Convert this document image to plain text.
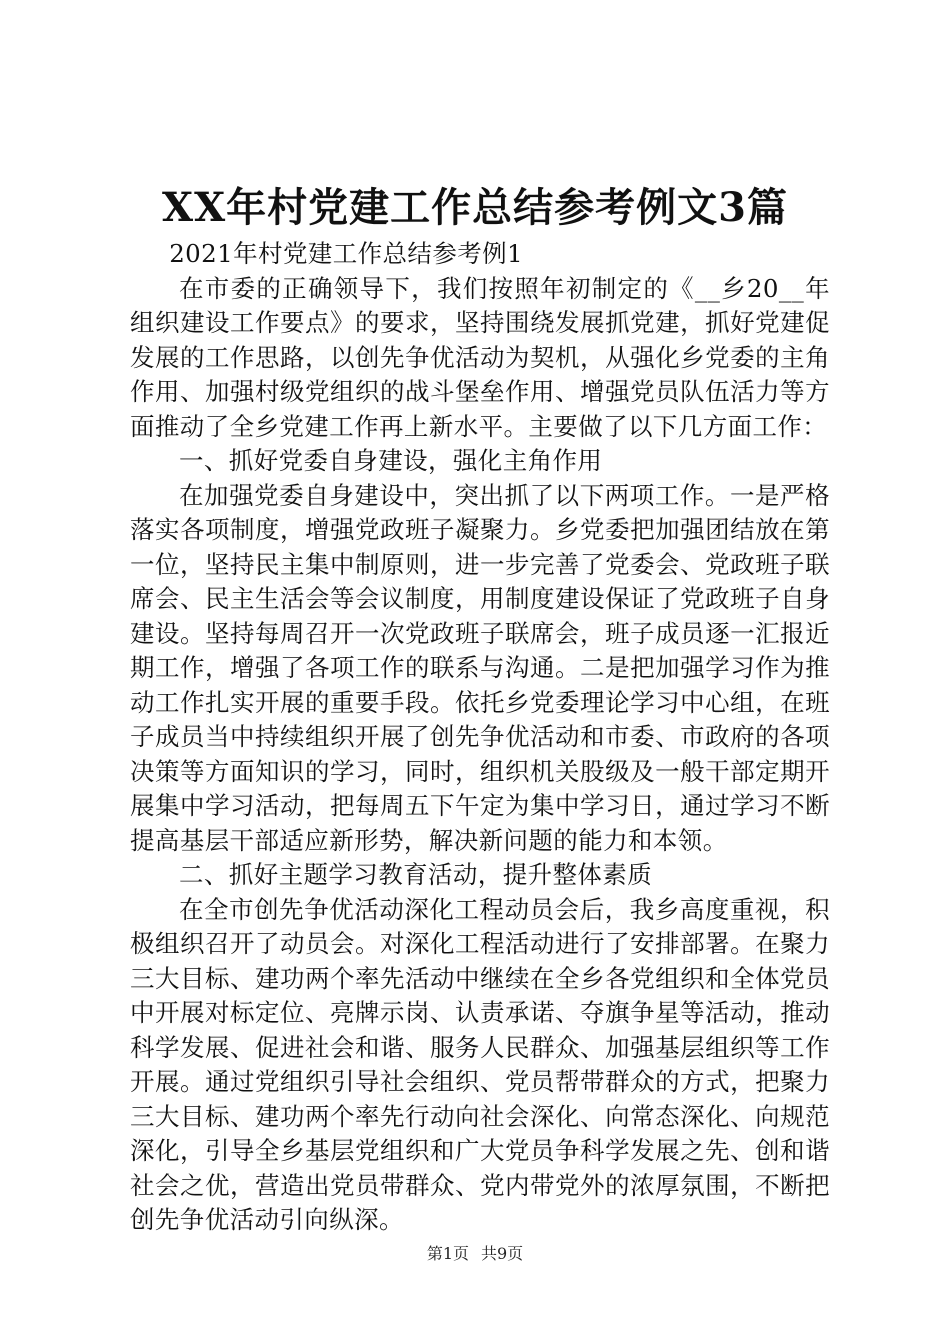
XX年村党建工作总结参考例文3篇

2021年村党建工作总结参考例1

在市委的正确领导下，我们按照年初制定的《__乡20__年组织建设工作要点》的要求，坚持围绕发展抓党建，抓好党建促发展的工作思路，以创先争优活动为契机，从强化乡党委的主角作用、加强村级党组织的战斗堡垒作用、增强党员队伍活力等方面推动了全乡党建工作再上新水平。主要做了以下几方面工作：

一、抓好党委自身建设，强化主角作用

在加强党委自身建设中，突出抓了以下两项工作。一是严格落实各项制度，增强党政班子凝聚力。乡党委把加强团结放在第一位，坚持民主集中制原则，进一步完善了党委会、党政班子联席会、民主生活会等会议制度，用制度建设保证了党政班子自身建设。坚持每周召开一次党政班子联席会，班子成员逐一汇报近期工作，增强了各项工作的联系与沟通。二是把加强学习作为推动工作扎实开展的重要手段。依托乡党委理论学习中心组，在班子成员当中持续组织开展了创先争优活动和市委、市政府的各项决策等方面知识的学习，同时，组织机关股级及一般干部定期开展集中学习活动，把每周五下午定为集中学习日，通过学习不断提高基层干部适应新形势，解决新问题的能力和本领。

二、抓好主题学习教育活动，提升整体素质

在全市创先争优活动深化工程动员会后，我乡高度重视，积极组织召开了动员会。对深化工程活动进行了安排部署。在聚力三大目标、建功两个率先活动中继续在全乡各党组织和全体党员中开展对标定位、亮牌示岗、认责承诺、夺旗争星等活动，推动科学发展、促进社会和谐、服务人民群众、加强基层组织等工作开展。通过党组织引导社会组织、党员帮带群众的方式，把聚力三大目标、建功两个率先行动向社会深化、向常态深化、向规范深化，引导全乡基层党组织和广大党员争科学发展之先、创和谐社会之优，营造出党员带群众、党内带党外的浓厚氛围，不断把创先争优活动引向纵深。

第1页 共9页
